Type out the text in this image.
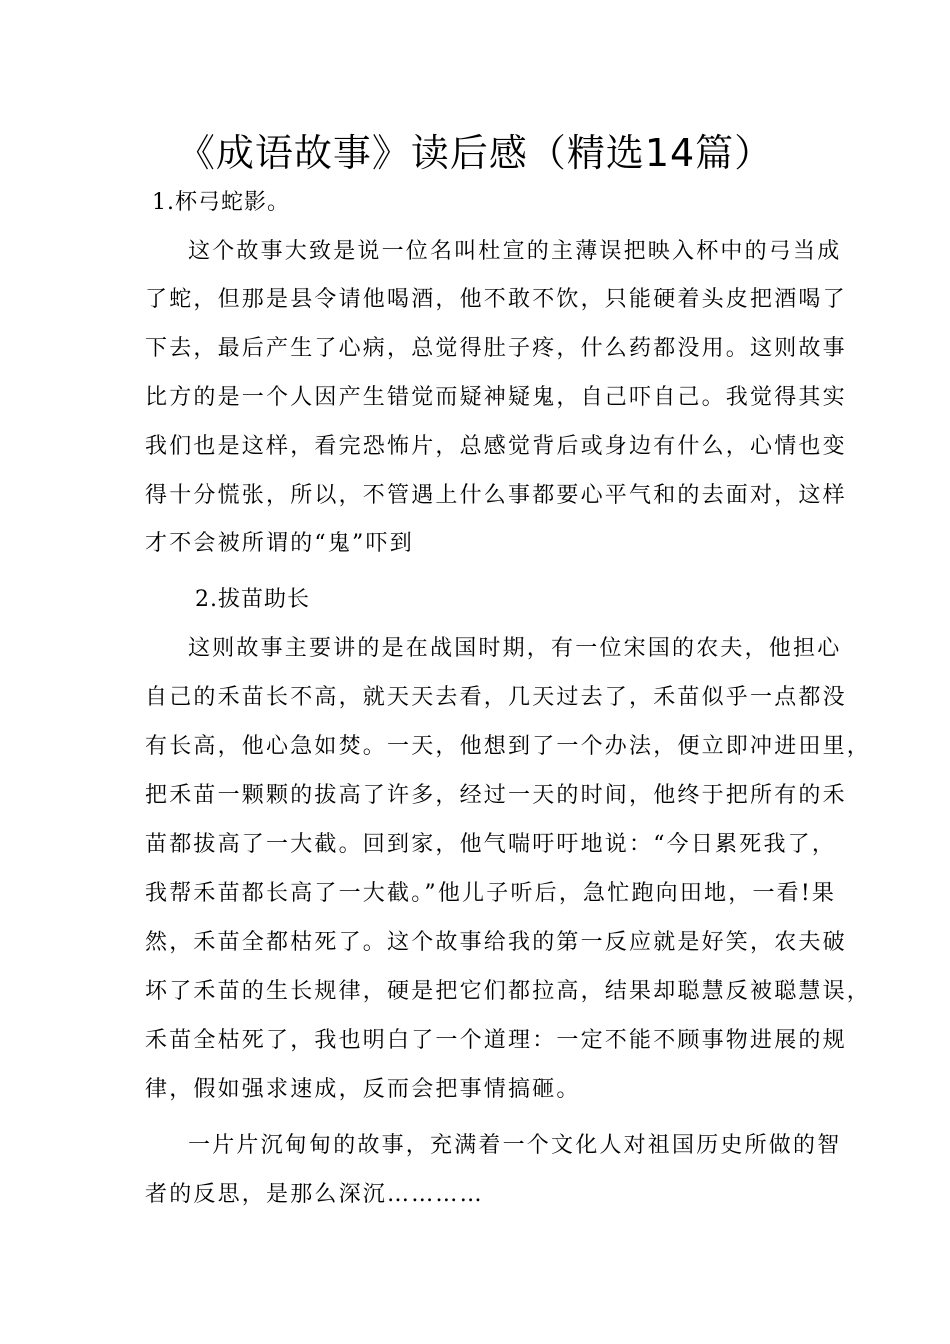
《成语故事》读后感（精选14篇）
1.杯弓蛇影。
这个故事大致是说一位名叫杜宣的主薄误把映入杯中的弓当成
了蛇，但那是县令请他喝酒，他不敢不饮，只能硬着头皮把酒喝了
下去，最后产生了心病，总觉得肚子疼，什么药都没用。这则故事
比方的是一个人因产生错觉而疑神疑鬼，自己吓自己。我觉得其实
我们也是这样，看完恐怖片，总感觉背后或身边有什么，心情也变
得十分慌张，所以，不管遇上什么事都要心平气和的去面对，这样
才不会被所谓的“鬼”吓到
2.拔苗助长
这则故事主要讲的是在战国时期，有一位宋国的农夫，他担心
自己的禾苗长不高，就天天去看，几天过去了，禾苗似乎一点都没
有长高，他心急如焚。一天，他想到了一个办法，便立即冲进田里，
把禾苗一颗颗的拔高了许多，经过一天的时间，他终于把所有的禾
苗都拔高了一大截。回到家，他气喘吁吁地说：“今日累死我了，
我帮禾苗都长高了一大截。”他儿子听后，急忙跑向田地，一看!果
然，禾苗全都枯死了。这个故事给我的第一反应就是好笑，农夫破
坏了禾苗的生长规律，硬是把它们都拉高，结果却聪慧反被聪慧误，
禾苗全枯死了，我也明白了一个道理：一定不能不顾事物进展的规
律，假如强求速成，反而会把事情搞砸。
一片片沉甸甸的故事，充满着一个文化人对祖国历史所做的智
者的反思，是那么深沉…………
